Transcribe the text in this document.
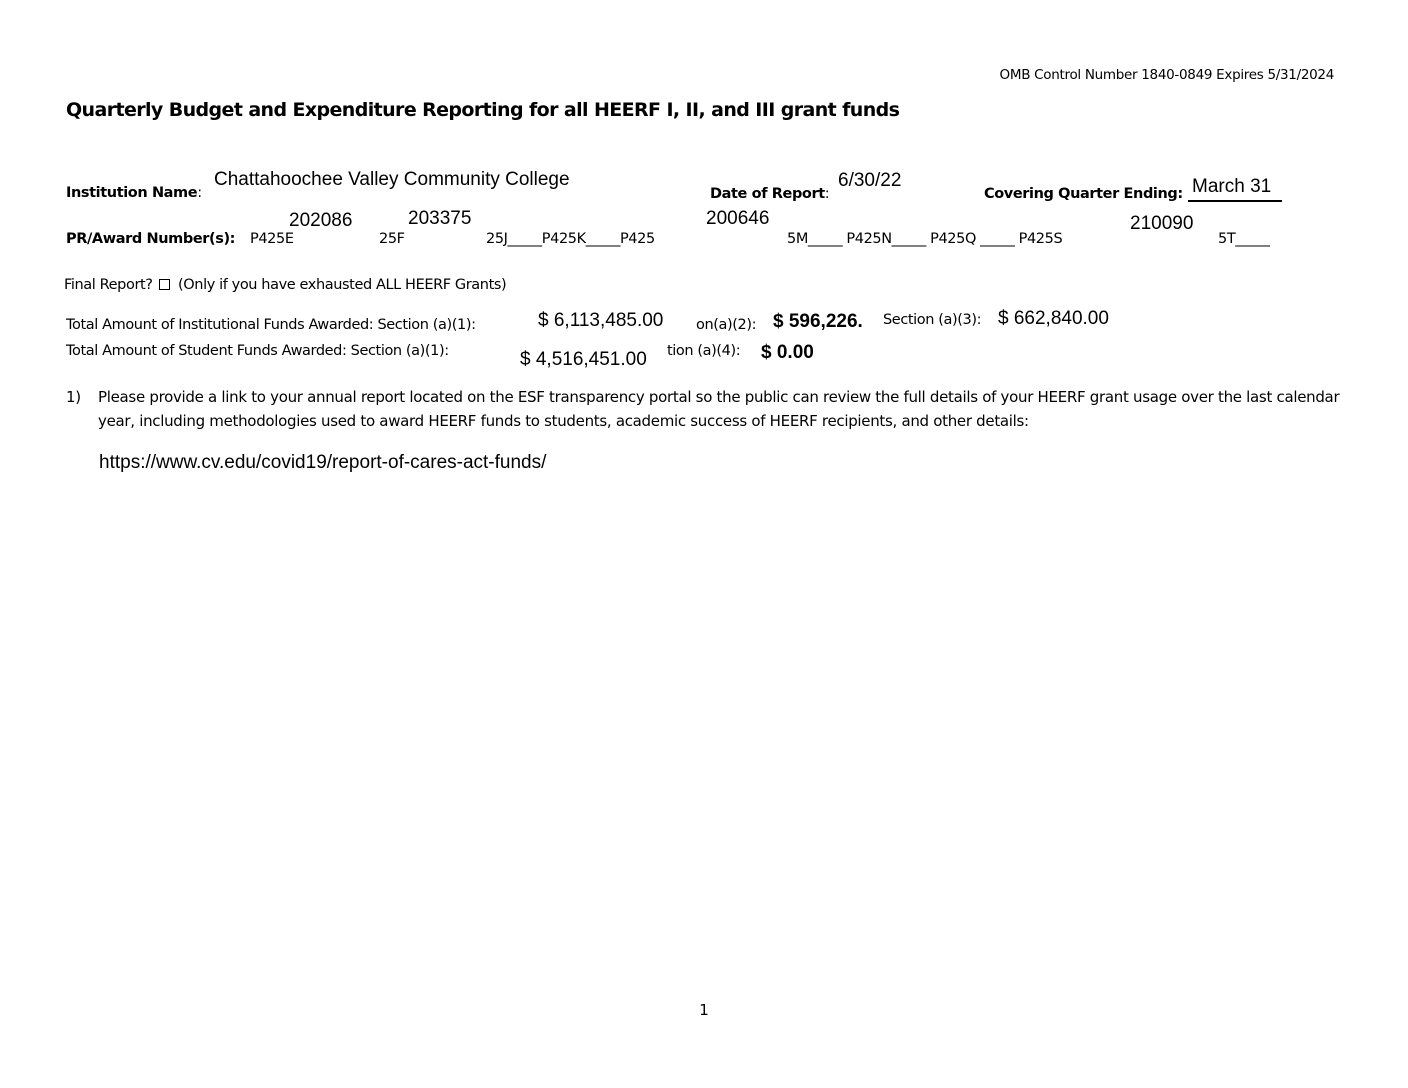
OMB Control Number 1840-0849 Expires 5/31/2024
Quarterly Budget and Expenditure Reporting for all HEERF I, II, and III grant funds
Institution Name:
Chattahoochee Valley Community College
Date of Report:
6/30/22
Covering Quarter Ending: March 31
PR/Award Number(s): P425E	25F	25J_____P425K_____P425	5M_____ P425N_____ P425Q _____ P425S	5T_____
202086	203375	200646	210090
Final Report? (Only if you have exhausted ALL HEERF Grants)
Total Amount of Institutional Funds Awarded: Section (a)(1):	$ 6,113,485.00 on(a)(2): $ 596,226. Section (a)(3): $ 662,840.00
Total Amount of Student Funds Awarded: Section (a)(1):	$ 4,516,451.00 tion (a)(4): $ 0.00
1) Please provide a link to your annual report located on the ESF transparency portal so the public can review the full details of your HEERF grant usage over the last calendar year, including methodologies used to award HEERF funds to students, academic success of HEERF recipients, and other details:
https://www.cv.edu/covid19/report-of-cares-act-funds/
1
